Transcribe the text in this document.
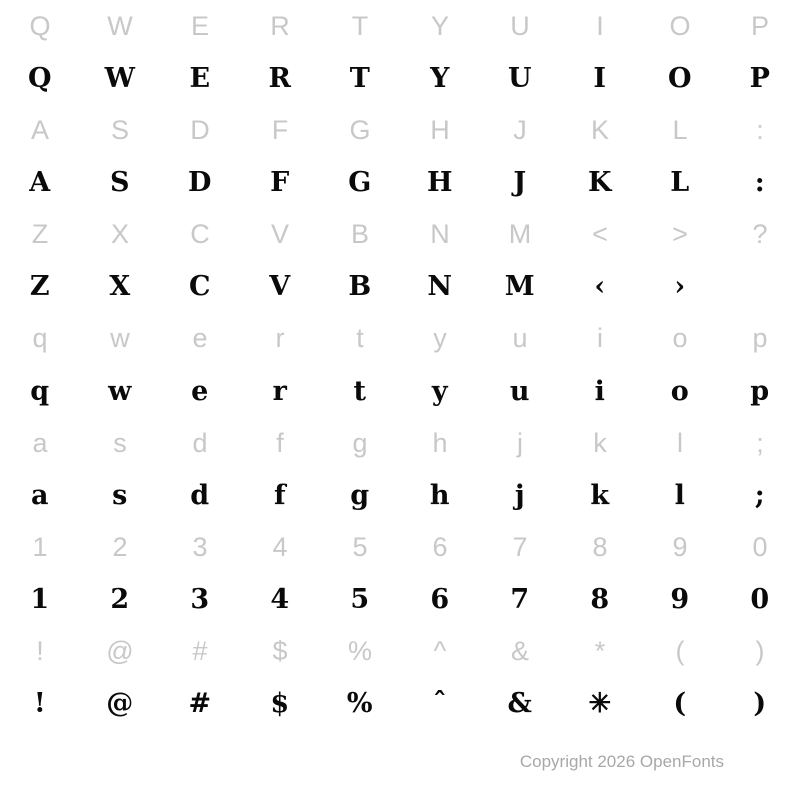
Q	W	E	R	T	Y	U	I	O	P
Q	W	E	R	T	Y	U	I	O	P
A	S	D	F	G	H	J	K	L	:
A	S	D	F	G	H	J	K	L	:
Z	X	C	V	B	N	M	<	>	?
Z	X	C	V	B	N	M	‹	›
q	w	e	r	t	y	u	i	o	p
q	w	e	r	t	y	u	i	o	p
a	s	d	f	g	h	j	k	l	;
a	s	d	f	g	h	j	k	l	;
1	2	3	4	5	6	7	8	9	0
1	2	3	4	5	6	7	8	9	0
!	@	#	$	%	^	&	*	(	)
!	@	#	$	%	ˆ	&	✳	(	)
Copyright 2026 OpenFonts
